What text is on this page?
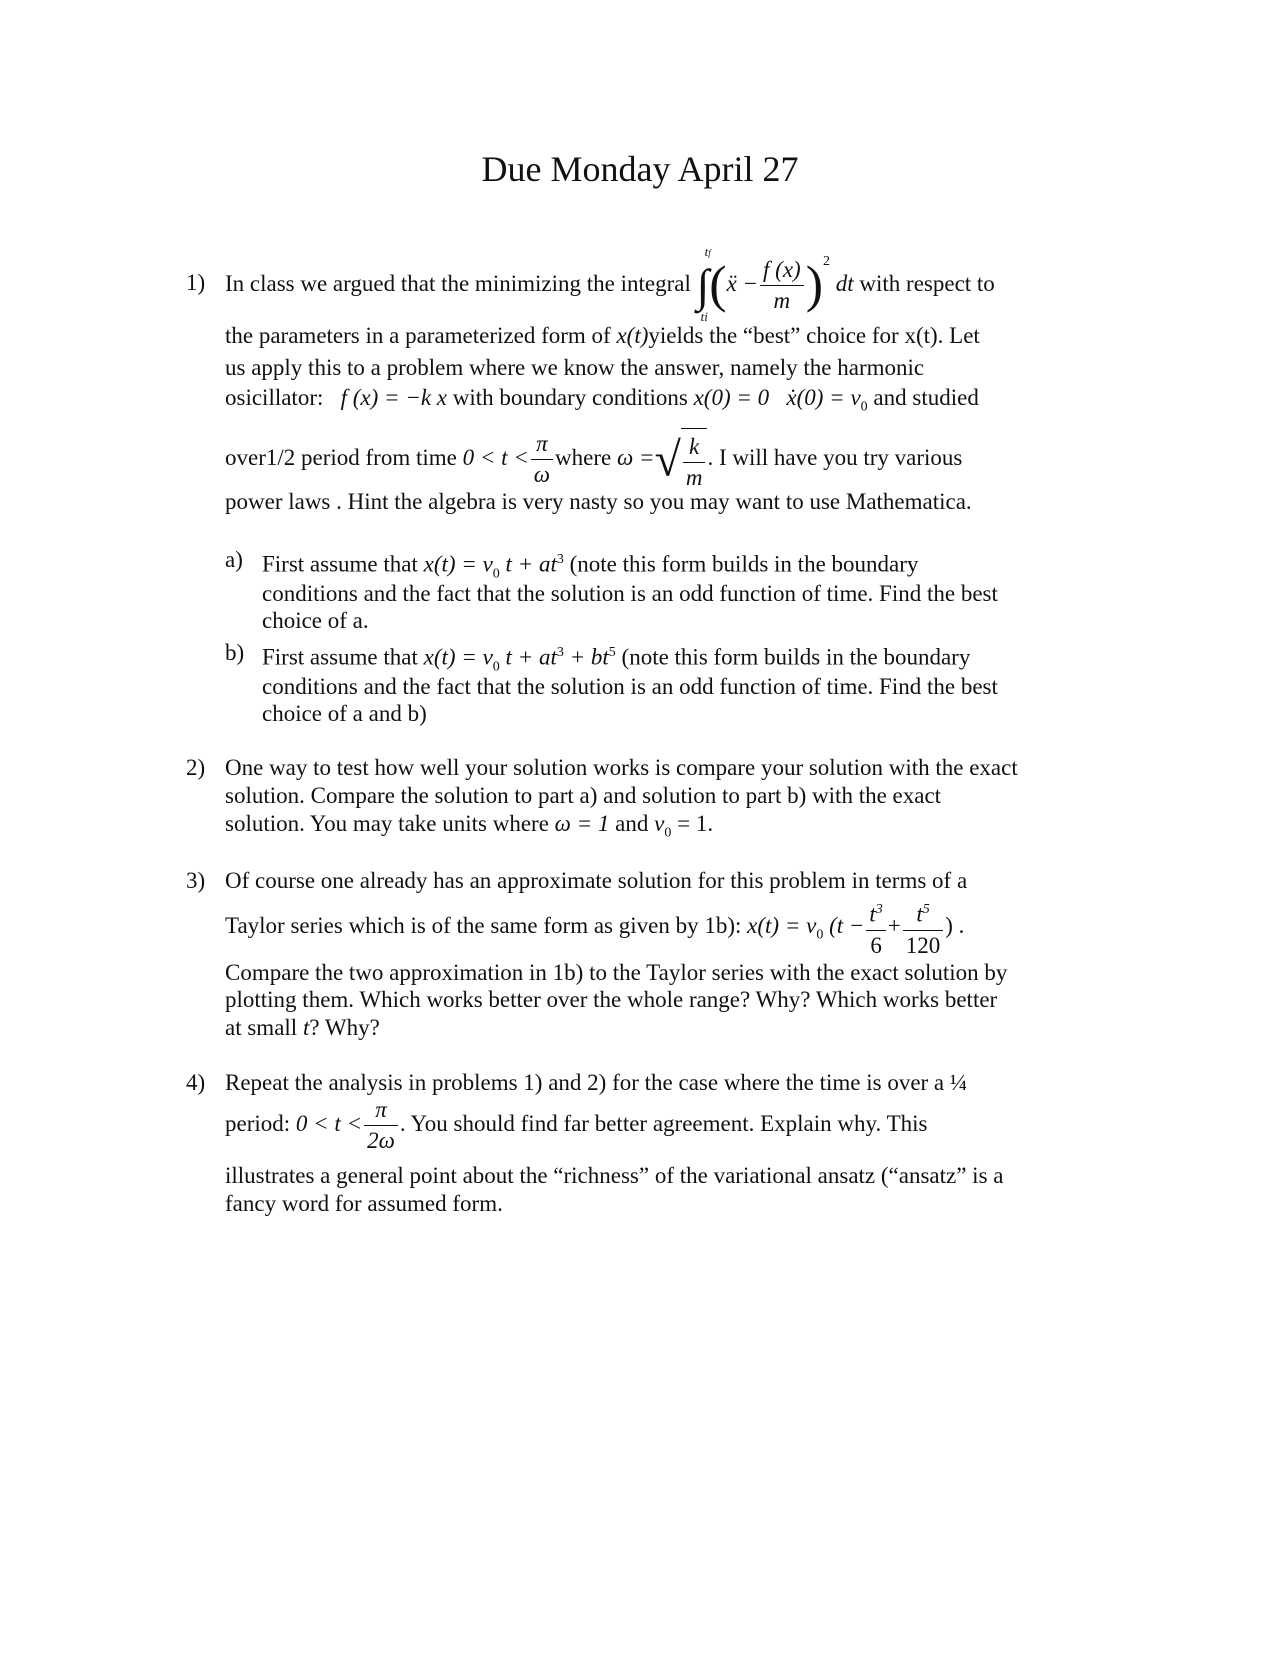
Due Monday April 27
1) In class we argued that the minimizing the integral ∫
tf
ti
(ẍ − $\frac{f (x)}{m} )^2$ dt with respect to
the parameters in a parameterized form of x(t)yields the “best” choice for x(t). Let
us apply this to a problem where we know the answer, namely the harmonic
osicillator: f (x) = −k x with boundary conditions x(0) = 0 ẋ(0) = $v_0$ and studied
over1/2 period from time $0 < t < \frac{\pi}{\omega}$ where ω =√ $\frac{k}{m}$ . I will have you try various
power laws . Hint the algebra is very nasty so you may want to use Mathematica.
a) First assume that $x(t) = v_0$ $t + at^3$ (note this form builds in the boundary
conditions and the fact that the solution is an odd function of time. Find the best
choice of a.
b) First assume that $x(t) = v_0$ $t + at^3 + bt^5$ (note this form builds in the boundary
conditions and the fact that the solution is an odd function of time. Find the best
choice of a and b)
2) One way to test how well your solution works is compare your solution with the exact
solution. Compare the solution to part a) and solution to part b) with the exact
solution. You may take units where ω = 1 and $v_0 = 1$.
3) Of course one already has an approximate solution for this problem in terms of a
Taylor series which is of the same form as given by 1b): $x(t) = v_0$ ($t - \frac{t^3}{6} + \frac{t^5}{120}$ ) .
Compare the two approximation in 1b) to the Taylor series with the exact solution by
plotting them. Which works better over the whole range? Why? Which works better
at small t? Why?
4) Repeat the analysis in problems 1) and 2) for the case where the time is over a ¼
period: $0 < t < \frac{\pi}{2\omega}$ . You should find far better agreement. Explain why. This
illustrates a general point about the “richness” of the variational ansatz (“ansatz” is a
fancy word for assumed form.
